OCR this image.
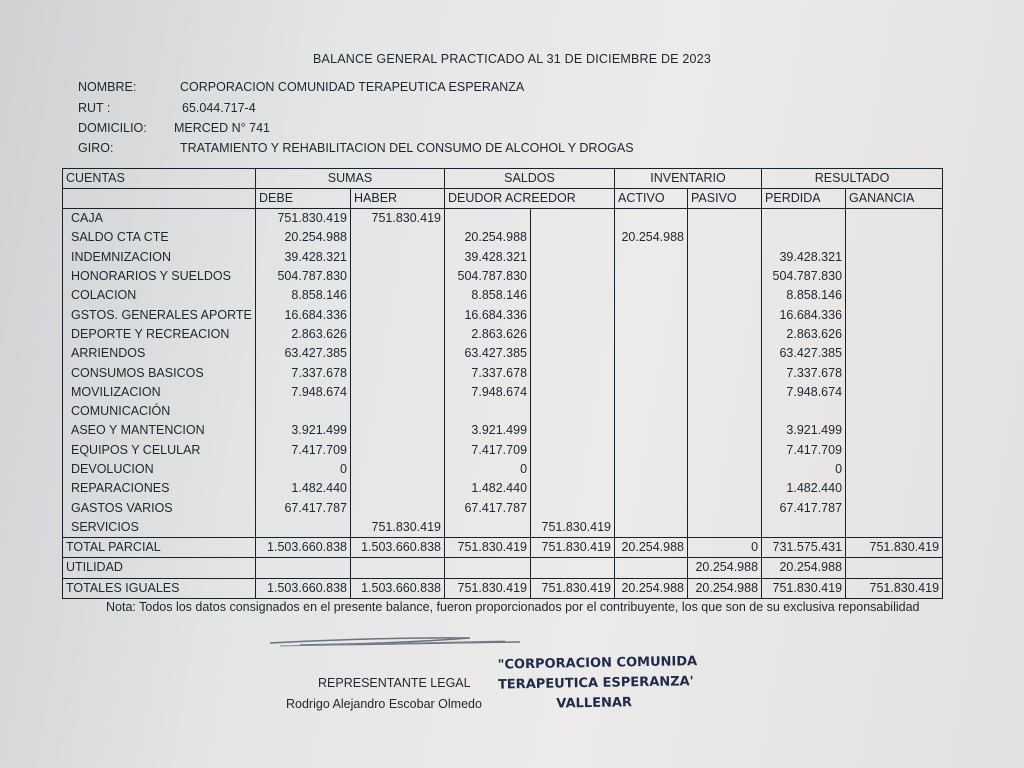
BALANCE GENERAL PRACTICADO AL 31 DE DICIEMBRE DE 2023
NOMBRE:	CORPORACION COMUNIDAD TERAPEUTICA ESPERANZA
RUT :	65.044.717-4
DOMICILIO: MERCED N° 741
GIRO:	TRATAMIENTO Y REHABILITACION DEL CONSUMO DE ALCOHOL Y DROGAS
CUENTAS	SUMAS		SALDOS		INVENTARIO		RESULTADO	
	DEBE	HABER	DEUDOR ACREEDOR		ACTIVO	PASIVO	PERDIDA	GANANCIA
CAJA	751.830.419	751.830.419						
SALDO CTA CTE	20.254.988		20.254.988		20.254.988			
INDEMNIZACION	39.428.321		39.428.321				39.428.321	
HONORARIOS Y SUELDOS	504.787.830		504.787.830				504.787.830	
COLACION	8.858.146		8.858.146				8.858.146	
GSTOS. GENERALES APORTE	16.684.336		16.684.336				16.684.336	
DEPORTE Y RECREACION	2.863.626		2.863.626				2.863.626	
ARRIENDOS	63.427.385		63.427.385				63.427.385	
CONSUMOS BASICOS	7.337.678		7.337.678				7.337.678	
MOVILIZACION	7.948.674		7.948.674				7.948.674	
COMUNICACIÓN								
ASEO Y MANTENCION	3.921.499		3.921.499				3.921.499	
EQUIPOS Y CELULAR	7.417.709		7.417.709				7.417.709	
DEVOLUCION	0		0				0	
REPARACIONES	1.482.440		1.482.440				1.482.440	
GASTOS VARIOS	67.417.787		67.417.787				67.417.787	
SERVICIOS		751.830.419		751.830.419				
TOTAL PARCIAL	1.503.660.838	1.503.660.838	751.830.419	751.830.419	20.254.988	0	731.575.431	751.830.419
UTILIDAD						20.254.988	20.254.988	
TOTALES IGUALES	1.503.660.838	1.503.660.838	751.830.419	751.830.419	20.254.988	20.254.988	751.830.419	751.830.419
Nota: Todos los datos consignados en el presente balance, fueron proporcionados por el contribuyente, los que son de su exclusiva reponsabilidad
REPRESENTANTE LEGAL
Rodrigo Alejandro Escobar Olmedo
"CORPORACION COMUNIDA
TERAPEUTICA ESPERANZA'
VALLENAR
